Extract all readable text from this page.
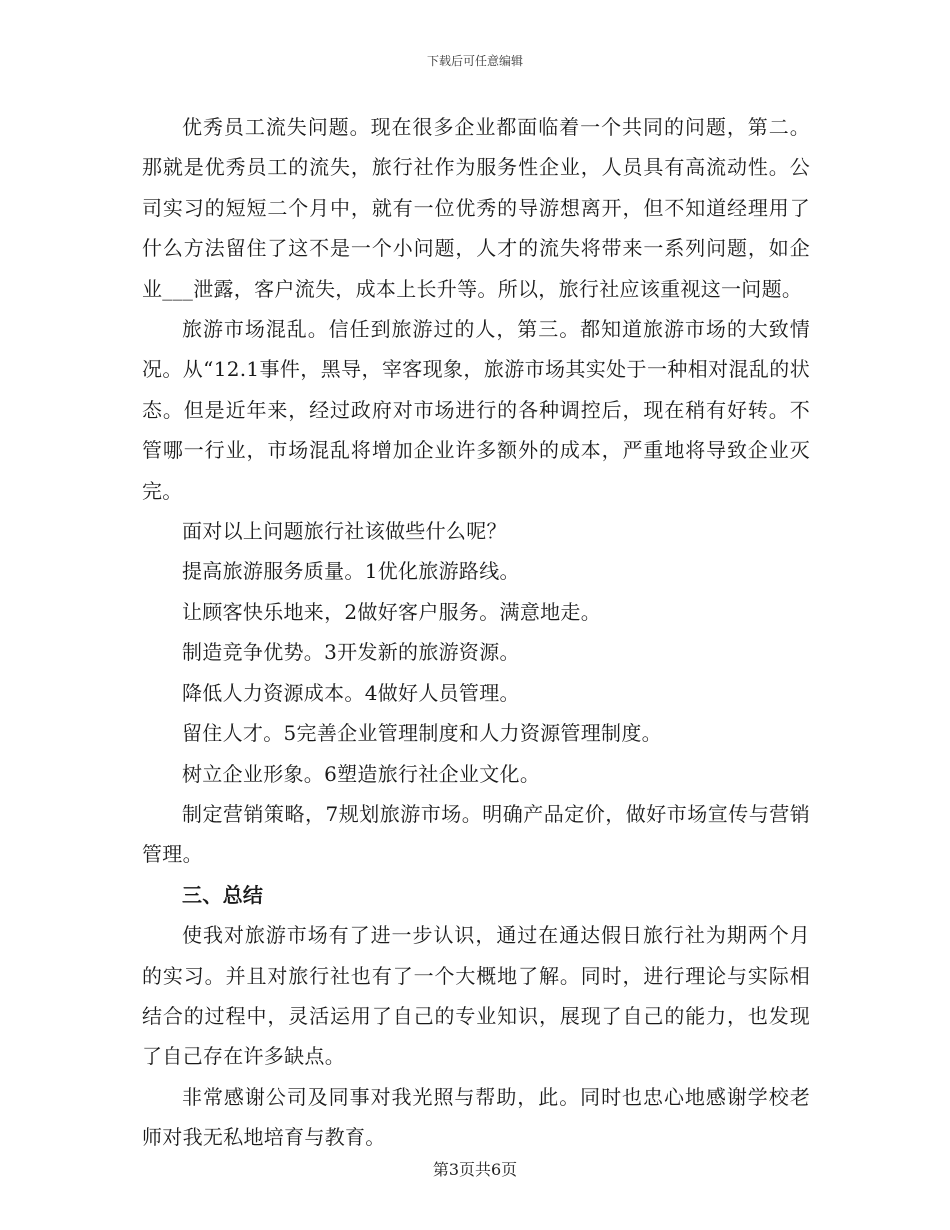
下载后可任意编辑

优秀员工流失问题。现在很多企业都面临着一个共同的问题，第二。那就是优秀员工的流失，旅行社作为服务性企业，人员具有高流动性。公司实习的短短二个月中，就有一位优秀的导游想离开，但不知道经理用了什么方法留住了这不是一个小问题，人才的流失将带来一系列问题，如企业___泄露，客户流失，成本上长升等。所以，旅行社应该重视这一问题。

旅游市场混乱。信任到旅游过的人，第三。都知道旅游市场的大致情况。从“12.1事件，黑导，宰客现象，旅游市场其实处于一种相对混乱的状态。但是近年来，经过政府对市场进行的各种调控后，现在稍有好转。不管哪一行业，市场混乱将增加企业许多额外的成本，严重地将导致企业灭完。

面对以上问题旅行社该做些什么呢？

提高旅游服务质量。1优化旅游路线。

让顾客快乐地来，2做好客户服务。满意地走。

制造竞争优势。3开发新的旅游资源。

降低人力资源成本。4做好人员管理。

留住人才。5完善企业管理制度和人力资源管理制度。

树立企业形象。6塑造旅行社企业文化。

制定营销策略，7规划旅游市场。明确产品定价，做好市场宣传与营销管理。

三、总结

使我对旅游市场有了进一步认识，通过在通达假日旅行社为期两个月的实习。并且对旅行社也有了一个大概地了解。同时，进行理论与实际相结合的过程中，灵活运用了自己的专业知识，展现了自己的能力，也发现了自己存在许多缺点。

非常感谢公司及同事对我光照与帮助，此。同时也忠心地感谢学校老师对我无私地培育与教育。

第3页共6页
